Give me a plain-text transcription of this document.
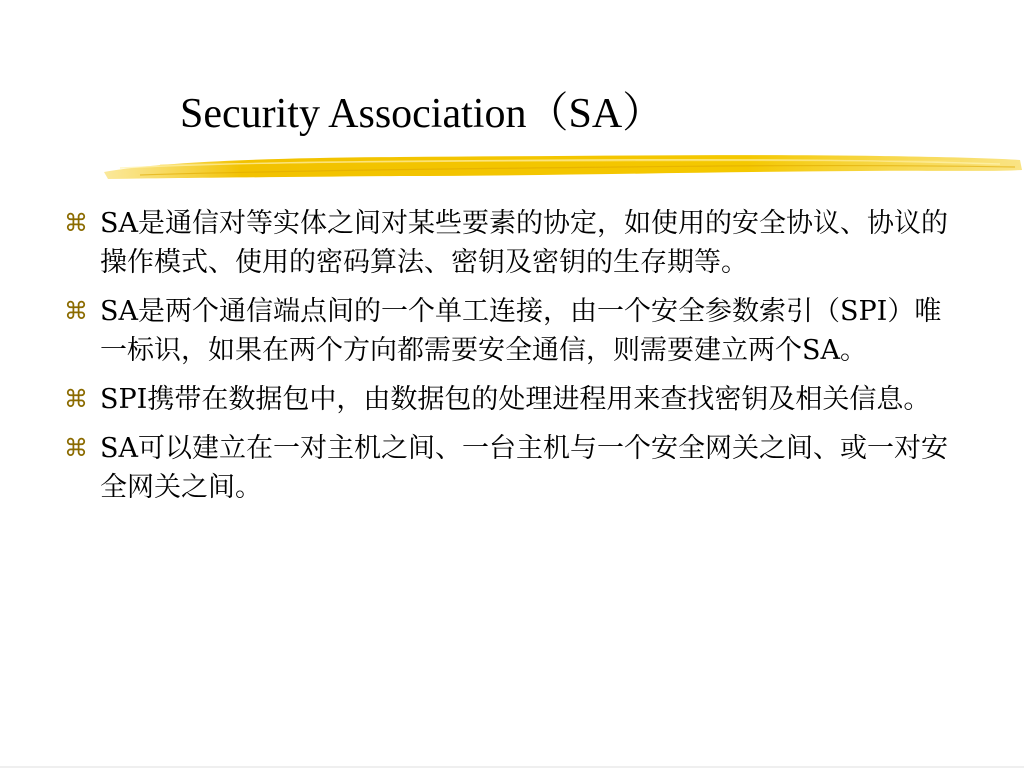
Security Association（SA）
⌘ SA是通信对等实体之间对某些要素的协定，如使用的安全协议、协议的操作模式、使用的密码算法、密钥及密钥的生存期等。
⌘ SA是两个通信端点间的一个单工连接，由一个安全参数索引（SPI）唯一标识，如果在两个方向都需要安全通信，则需要建立两个SA。
⌘ SPI携带在数据包中，由数据包的处理进程用来查找密钥及相关信息。
⌘ SA可以建立在一对主机之间、一台主机与一个安全网关之间、或一对安全网关之间。
